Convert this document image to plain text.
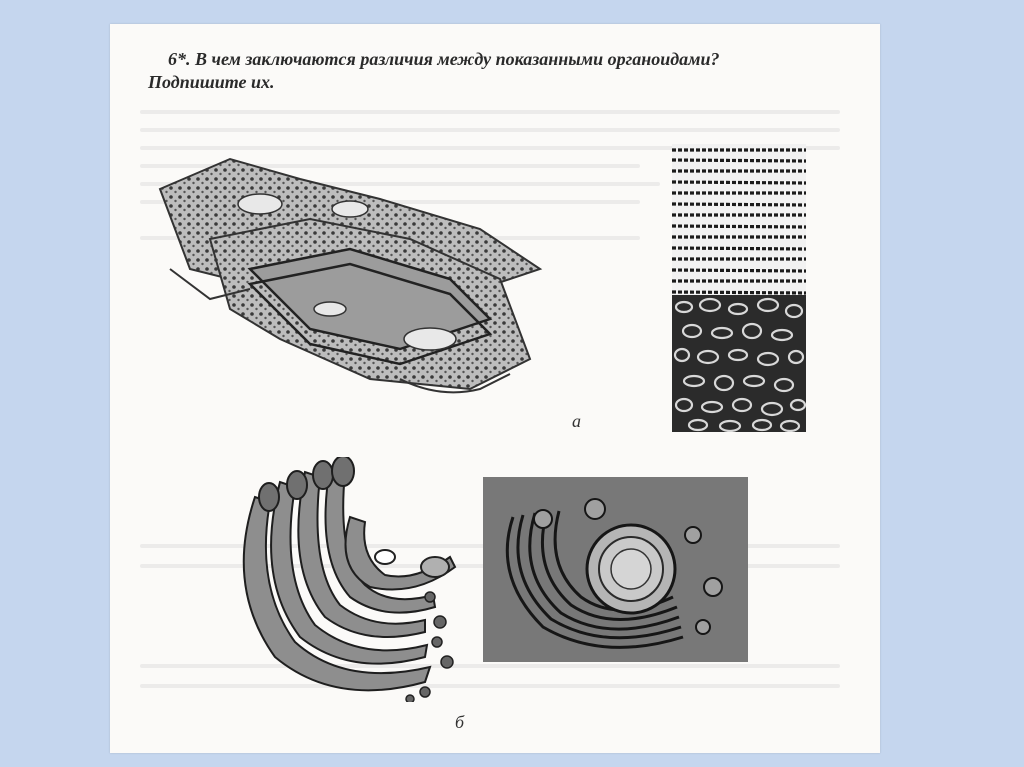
6*. В чем заключаются различия между показанными органоидами?
Подпишите их.
а
б
